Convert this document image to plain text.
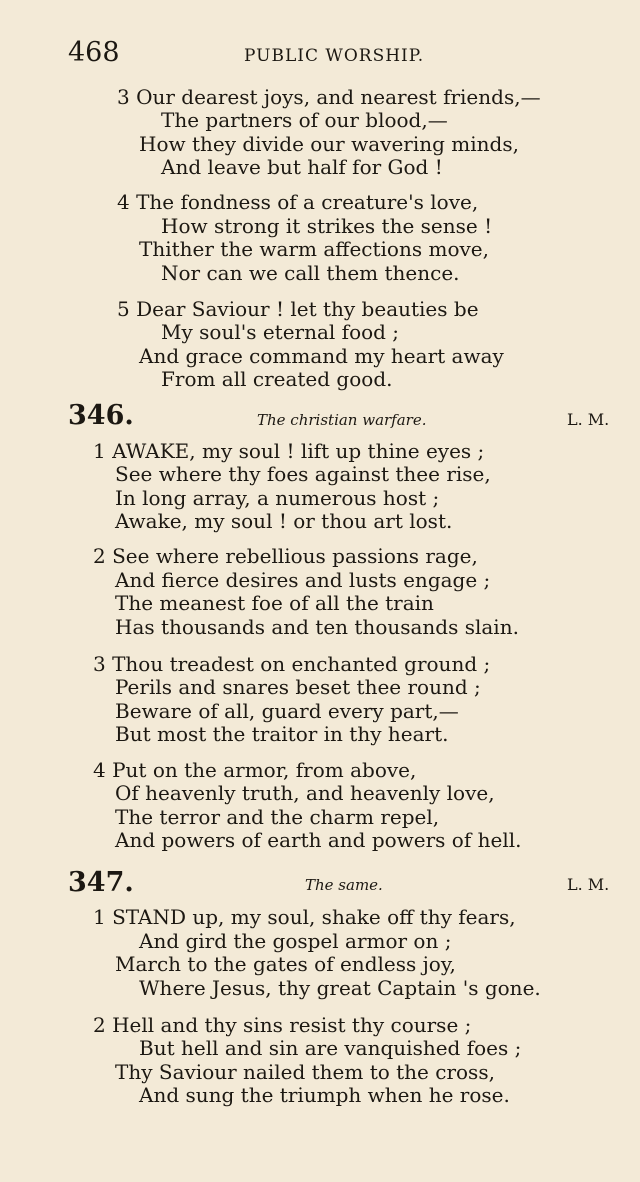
468	PUBLIC WORSHIP.
3 Our dearest joys, and nearest friends,—
The partners of our blood,—
How they divide our wavering minds,
And leave but half for God !
4 The fondness of a creature's love,
How strong it strikes the sense !
Thither the warm affections move,
Nor can we call them thence.
5 Dear Saviour ! let thy beauties be
My soul's eternal food ;
And grace command my heart away
From all created good.
346.	The christian warfare.	L. M.
1 AWAKE, my soul ! lift up thine eyes ;
See where thy foes against thee rise,
In long array, a numerous host ;
Awake, my soul ! or thou art lost.
2 See where rebellious passions rage,
And fierce desires and lusts engage ;
The meanest foe of all the train
Has thousands and ten thousands slain.
3 Thou treadest on enchanted ground ;
Perils and snares beset thee round ;
Beware of all, guard every part,—
But most the traitor in thy heart.
4 Put on the armor, from above,
Of heavenly truth, and heavenly love,
The terror and the charm repel,
And powers of earth and powers of hell.
347.	The same.	L. M.
1 STAND up, my soul, shake off thy fears,
And gird the gospel armor on ;
March to the gates of endless joy,
Where Jesus, thy great Captain 's gone.
2 Hell and thy sins resist thy course ;
But hell and sin are vanquished foes ;
Thy Saviour nailed them to the cross,
And sung the triumph when he rose.
